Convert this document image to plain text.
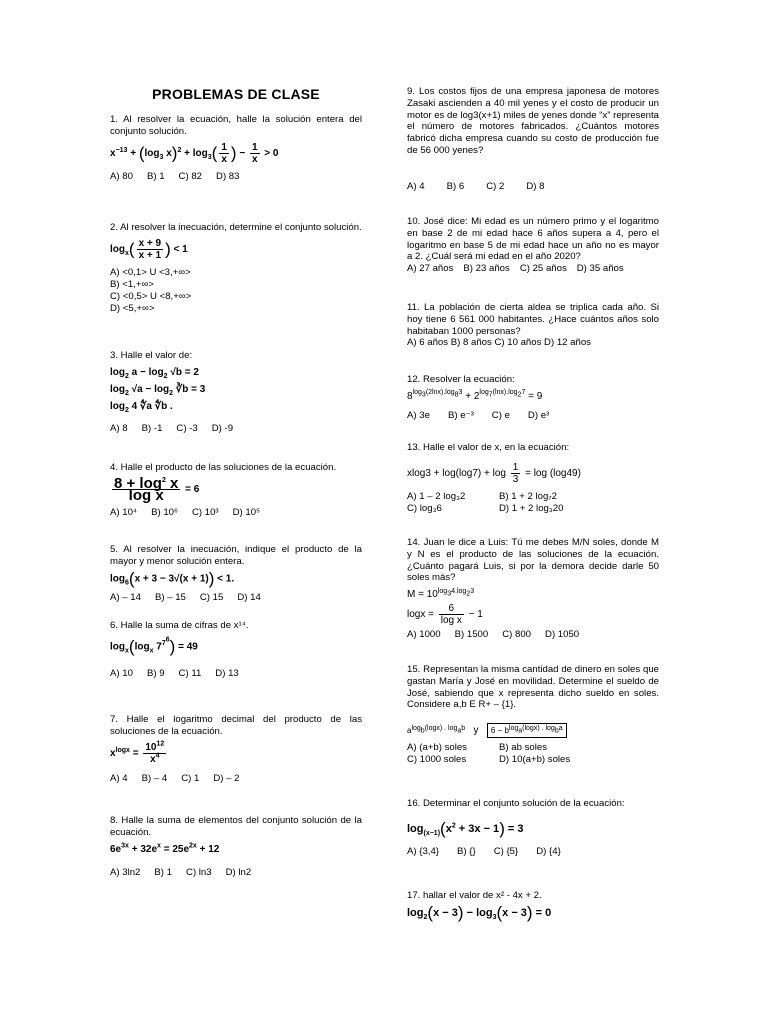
PROBLEMAS DE CLASE
1. Al resolver la ecuación, halle la solución entera del conjunto solución.
$x^{-13} + (\log_3$ $x)^2 + \log_3( \frac{1}{x}$ ) − $\frac{1}{x} > 0$
A) 80 B) 1 C) 82 D) 83
2. Al resolver la inecuación, determine el conjunto solución.
$\log_x( \frac{x + 9}{x + 1}$ ) < 1
A) <0,1> U <3,+∞>
B) <1,+∞>
C) <0,5> U <8,+∞>
D) <5,+∞>
3. Halle el valor de:
$\log_2 a - \log_2 √b = 2$
$\log_2 √a - \log_2$ ∛b = 3
$\log_2 4$ ∜a ∜b .
A) 8 B) -1 C) -3 D) -9
4. Halle el producto de las soluciones de la ecuación.
$\frac{8 + \log^2 x}{\text{log x}} = 6$
A) 10⁴ B) 10⁶ C) 10³ D) 10⁵
5. Al resolver la inecuación, indique el producto de la mayor y menor solución entera.
$\log_6(x + 3 - 3√(x + 1)) < 1$.
A) – 14 B) – 15 C) 15 D) 14
6. Halle la suma de cifras de x¹⁴.
$\log_x(\log_x$ $7^{7^6}) = 49$
A) 10 B) 9 C) 11 D) 13
7. Halle el logaritmo decimal del producto de las soluciones de la ecuación.
$x^{logx} = \frac{10^{12}}{x^4}$
A) 4 B) – 4 C) 1 D) – 2
8. Halle la suma de elementos del conjunto solución de la ecuación.
$6e^{3x} + 32e^x = 25e^{2x} + 12$
A) 3ln2 B) 1 C) ln3 D) ln2
9. Los costos fijos de una empresa japonesa de motores Zasaki ascienden a 40 mil yenes y el costo de producir un motor es de log3(x+1) miles de yenes donde “x” representa el número de motores fabricados. ¿Cuántos motores fabricó dicha empresa cuando su costo de producción fue de 56 000 yenes?
A) 4 B) 6 C) 2 D) 8
10. José dice: Mi edad es un número primo y el logaritmo en base 2 de mi edad hace 6 años supera a 4, pero el logaritmo en base 5 de mi edad hace un año no es mayor a 2. ¿Cuál será mi edad en el año 2020?
A) 27 años B) 23 años C) 25 años D) 35 años
11. La población de cierta aldea se triplica cada año. Si hoy tiene 6 561 000 habitantes. ¿Hace cuántos años solo habitaban 1000 personas?
A) 6 años B) 8 años C) 10 años D) 12 años
12. Resolver la ecuación:
$8^{log_3(2lnx).log_83} + 2^{log_7(lnx).log_27} = 9$
A) 3e B) e⁻³ C) e D) e³
13. Halle el valor de x, en la ecuación:
$xlog3 + \log(\log 7) + \log \frac{1}{3} = \log (\log 49)$
A) 1 – 2 log₃2	B) 1 + 2 log₇2
C) log₃6	D) 1 + 2 log₃20
14. Juan le dice a Luis: Tú me debes M/N soles, donde M y N es el producto de las soluciones de la ecuación. ¿Cuánto pagará Luis, si por la demora decide darle 50 soles más?
$M = 10^{log_34.log_23}$
$\log x = \frac{6}{\text{log x}} - 1$
A) 1000 B) 1500 C) 800 D) 1050
15. Representan la misma cantidad de dinero en soles que gastan María y José en movilidad. Determine el sueldo de José, sabiendo que x representa dicho sueldo en soles. Considere a,b E R+ – {1}.
$a^{log_b(logx) . log_ab}$   y   $6 - b^{log_a(logx) . log_ba}$
A) (a+b) soles	B) ab soles
C) 1000 soles	D) 10(a+b) soles
16. Determinar el conjunto solución de la ecuación:
$\log_{(x-1)}(x^2 + 3x - 1) = 3$
A) {3,4} B) {} C) {5} D) {4}
17. hallar el valor de x² - 4x + 2.
$\log_2(x - 3) - \log_3(x - 3) = 0$
